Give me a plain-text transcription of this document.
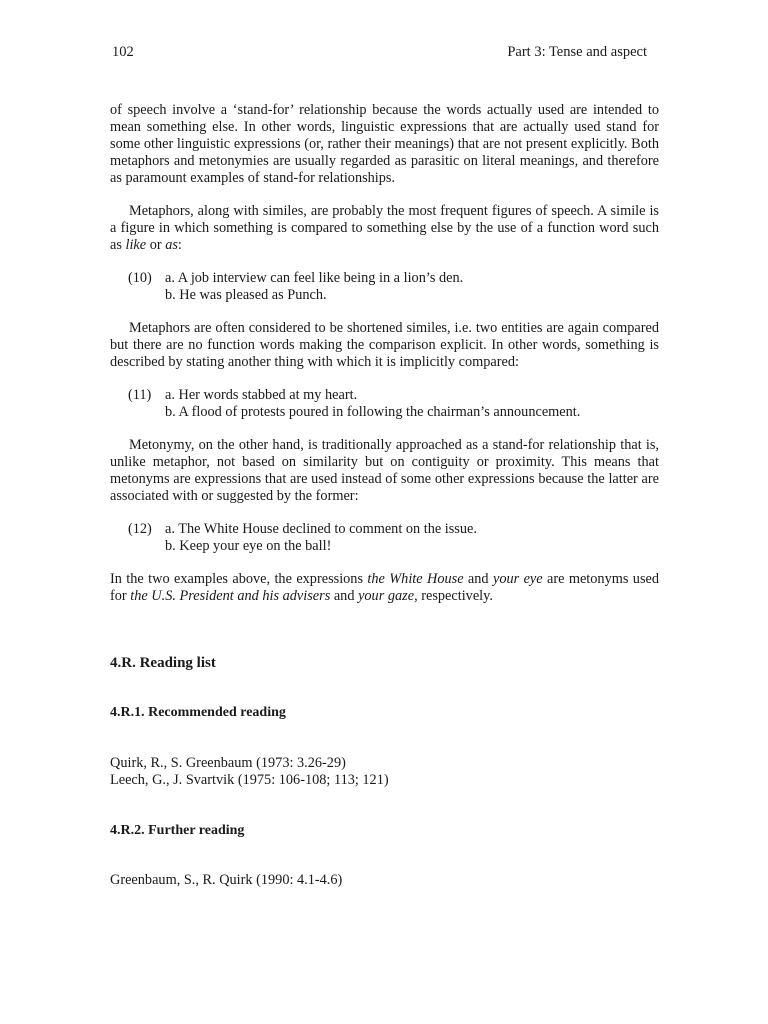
102	Part 3: Tense and aspect

of speech involve a ‘stand-for’ relationship because the words actually used are intended to mean something else. In other words, linguistic expressions that are actually used stand for some other linguistic expressions (or, rather their meanings) that are not present explicitly. Both metaphors and metonymies are usually regarded as parasitic on literal meanings, and therefore as paramount examples of stand-for relationships.

Metaphors, along with similes, are probably the most frequent figures of speech. A simile is a figure in which something is compared to something else by the use of a function word such as like or as:

(10) a. A job interview can feel like being in a lion’s den.
b. He was pleased as Punch.

Metaphors are often considered to be shortened similes, i.e. two entities are again compared but there are no function words making the comparison explicit. In other words, something is described by stating another thing with which it is implicitly compared:

(11) a. Her words stabbed at my heart.
b. A flood of protests poured in following the chairman’s announcement.

Metonymy, on the other hand, is traditionally approached as a stand-for relationship that is, unlike metaphor, not based on similarity but on contiguity or proximity. This means that metonyms are expressions that are used instead of some other expressions because the latter are associated with or suggested by the former:

(12) a. The White House declined to comment on the issue.
b. Keep your eye on the ball!

In the two examples above, the expressions the White House and your eye are metonyms used for the U.S. President and his advisers and your gaze, respectively.

4.R. Reading list
4.R.1. Recommended reading
Quirk, R., S. Greenbaum (1973: 3.26-29)
Leech, G., J. Svartvik (1975: 106-108; 113; 121)
4.R.2. Further reading
Greenbaum, S., R. Quirk (1990: 4.1-4.6)
